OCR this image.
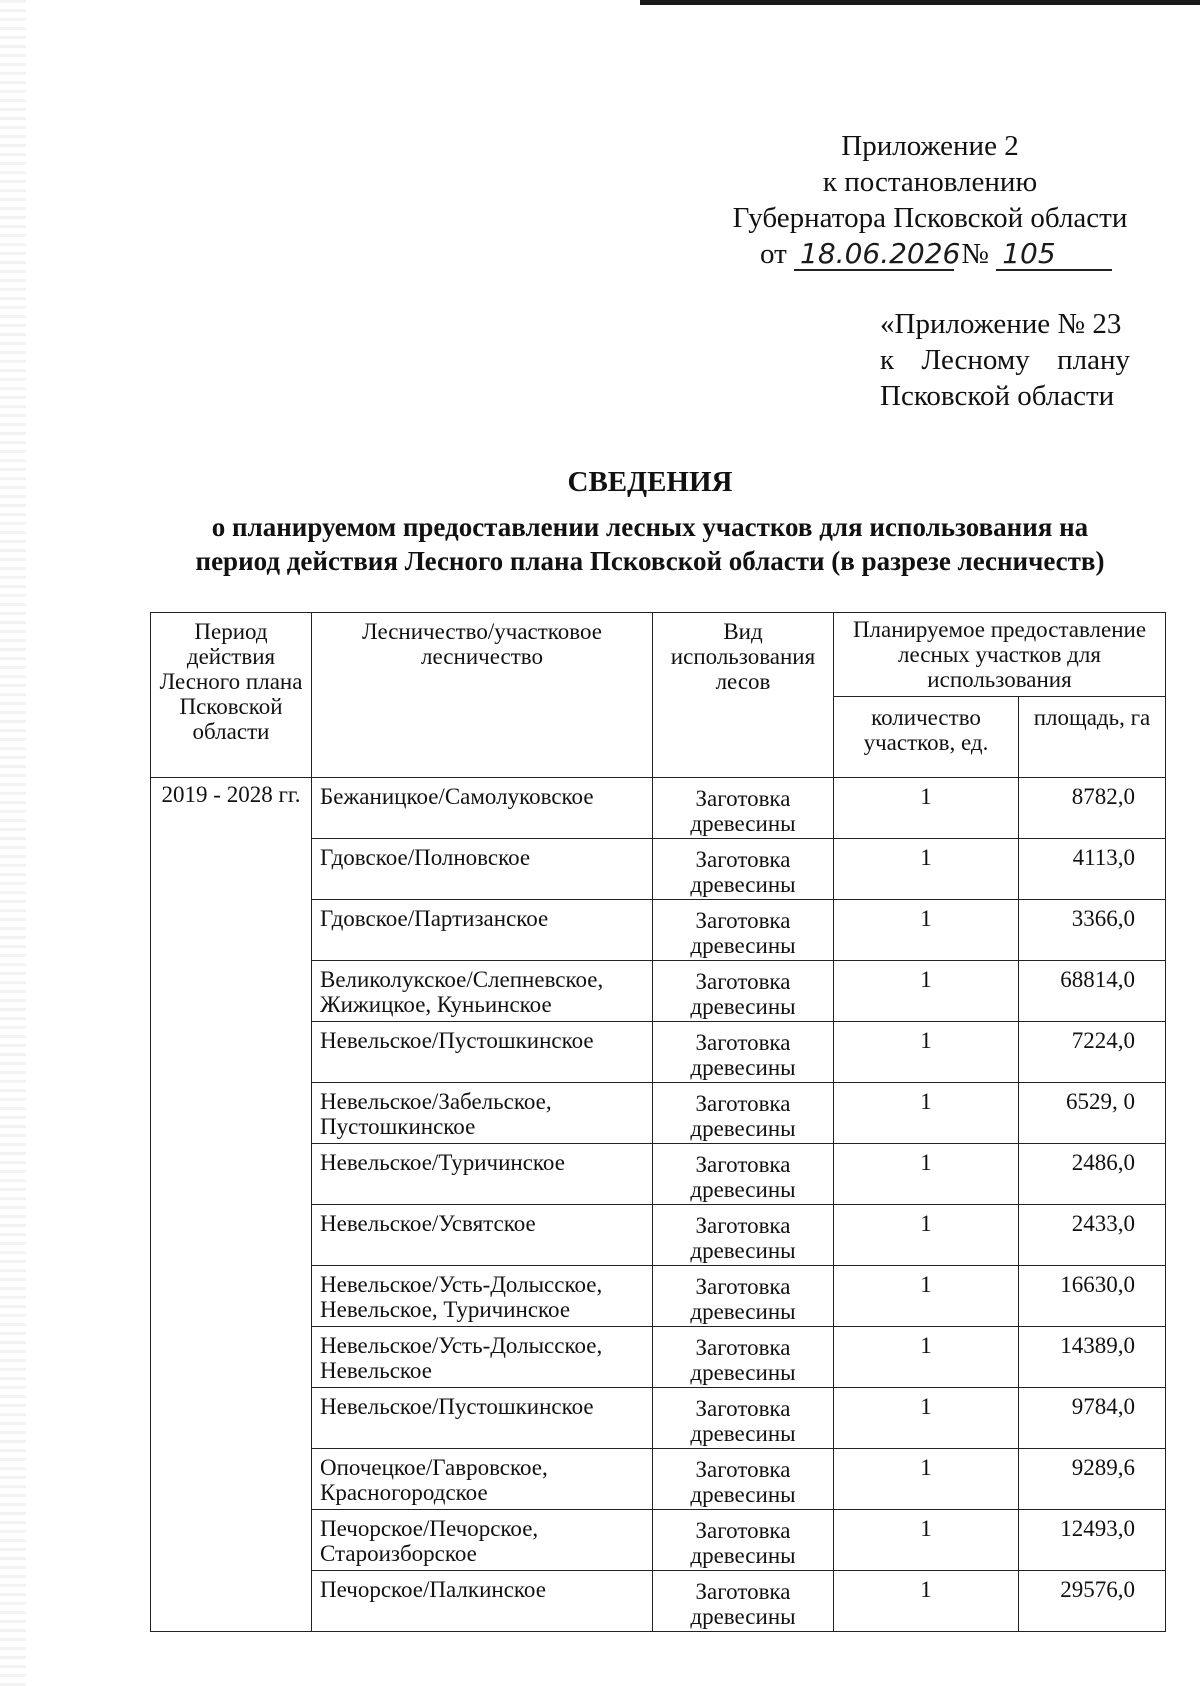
Приложение 2
к постановлению
Губернатора Псковской области
от 18.06.2026 № 105
«Приложение № 23
к Лесному плану
Псковской области
СВЕДЕНИЯ
о планируемом предоставлении лесных участков для использования на период действия Лесного плана Псковской области (в разрезе лесничеств)
Период действия Лесного плана Псковской области	Лесничество/участковое лесничество	Вид использования лесов	Планируемое предоставление лесных участков для использования	
			количество участков, ед.	площадь, га
2019 - 2028 гг.	Бежаницкое/Самолуковское	Заготовка древесины	1	8782,0
	Гдовское/Полновское	Заготовка древесины	1	4113,0
	Гдовское/Партизанское	Заготовка древесины	1	3366,0
	Великолукское/Слепневское, Жижицкое, Куньинское	Заготовка древесины	1	68814,0
	Невельское/Пустошкинское	Заготовка древесины	1	7224,0
	Невельское/Забельское, Пустошкинское	Заготовка древесины	1	6529, 0
	Невельское/Туричинское	Заготовка древесины	1	2486,0
	Невельское/Усвятское	Заготовка древесины	1	2433,0
	Невельское/Усть-Долысское, Невельское, Туричинское	Заготовка древесины	1	16630,0
	Невельское/Усть-Долысское, Невельское	Заготовка древесины	1	14389,0
	Невельское/Пустошкинское	Заготовка древесины	1	9784,0
	Опочецкое/Гавровское, Красногородское	Заготовка древесины	1	9289,6
	Печорское/Печорское, Староизборское	Заготовка древесины	1	12493,0
	Печорское/Палкинское	Заготовка древесины	1	29576,0
